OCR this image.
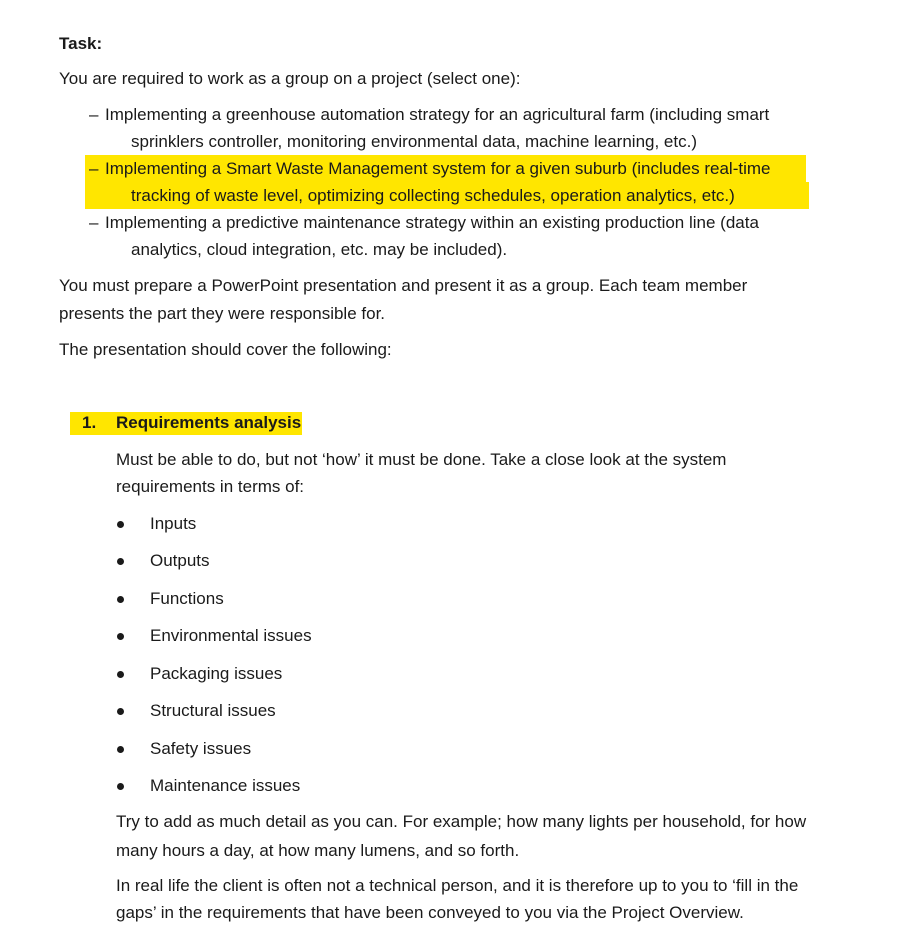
Task:
You are required to work as a group on a project (select one):
– Implementing a greenhouse automation strategy for an agricultural farm (including smart
sprinklers controller, monitoring environmental data, machine learning, etc.)
– Implementing a Smart Waste Management system for a given suburb (includes real-time
tracking of waste level, optimizing collecting schedules, operation analytics, etc.)
– Implementing a predictive maintenance strategy within an existing production line (data
analytics, cloud integration, etc. may be included).
You must prepare a PowerPoint presentation and present it as a group. Each team member
presents the part they were responsible for.
The presentation should cover the following:
1. Requirements analysis
Must be able to do, but not ‘how’ it must be done. Take a close look at the system
requirements in terms of:
Inputs
Outputs
Functions
Environmental issues
Packaging issues
Structural issues
Safety issues
Maintenance issues
Try to add as much detail as you can. For example; how many lights per household, for how
many hours a day, at how many lumens, and so forth.
In real life the client is often not a technical person, and it is therefore up to you to ‘fill in the
gaps’ in the requirements that have been conveyed to you via the Project Overview.
